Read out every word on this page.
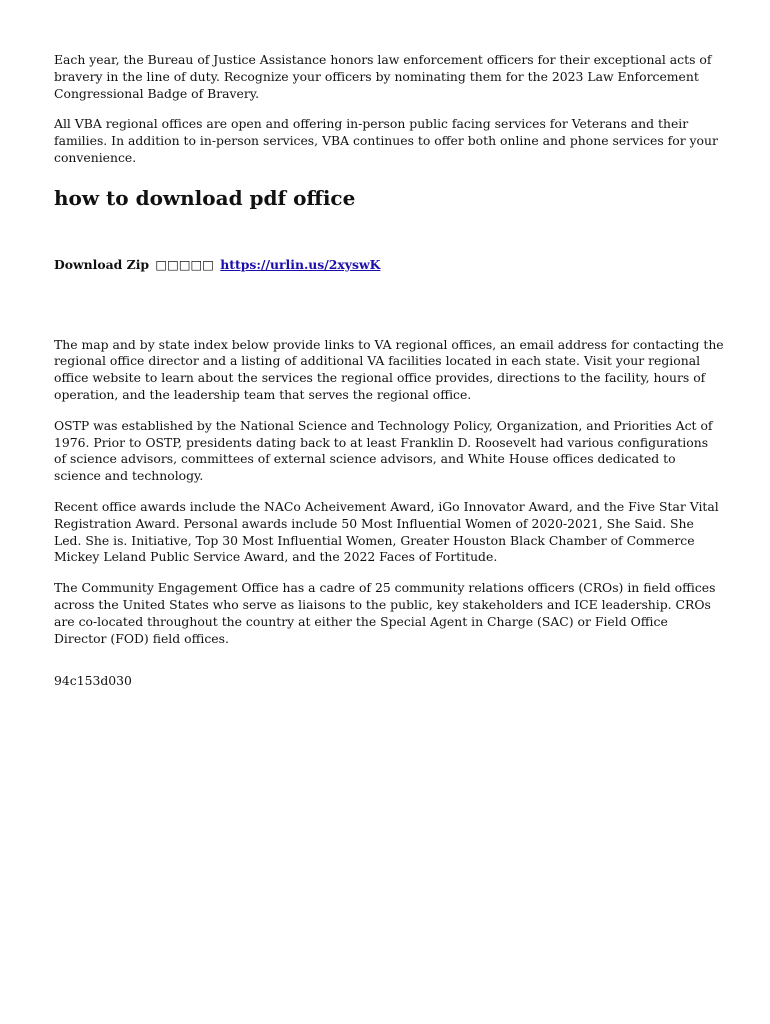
Each year, the Bureau of Justice Assistance honors law enforcement officers for their exceptional acts of bravery in the line of duty. Recognize your officers by nominating them for the 2023 Law Enforcement Congressional Badge of Bravery.

All VBA regional offices are open and offering in-person public facing services for Veterans and their families. In addition to in-person services, VBA continues to offer both online and phone services for your convenience.

how to download pdf office

Download Zip □□□□□ https://urlin.us/2xyswK

The map and by state index below provide links to VA regional offices, an email address for contacting the regional office director and a listing of additional VA facilities located in each state. Visit your regional office website to learn about the services the regional office provides, directions to the facility, hours of operation, and the leadership team that serves the regional office.

OSTP was established by the National Science and Technology Policy, Organization, and Priorities Act of 1976. Prior to OSTP, presidents dating back to at least Franklin D. Roosevelt had various configurations of science advisors, committees of external science advisors, and White House offices dedicated to science and technology.

Recent office awards include the NACo Acheivement Award, iGo Innovator Award, and the Five Star Vital Registration Award. Personal awards include 50 Most Influential Women of 2020-2021, She Said. She Led. She is. Initiative, Top 30 Most Influential Women, Greater Houston Black Chamber of Commerce Mickey Leland Public Service Award, and the 2022 Faces of Fortitude.

The Community Engagement Office has a cadre of 25 community relations officers (CROs) in field offices across the United States who serve as liaisons to the public, key stakeholders and ICE leadership. CROs are co-located throughout the country at either the Special Agent in Charge (SAC) or Field Office Director (FOD) field offices.

94c153d030
